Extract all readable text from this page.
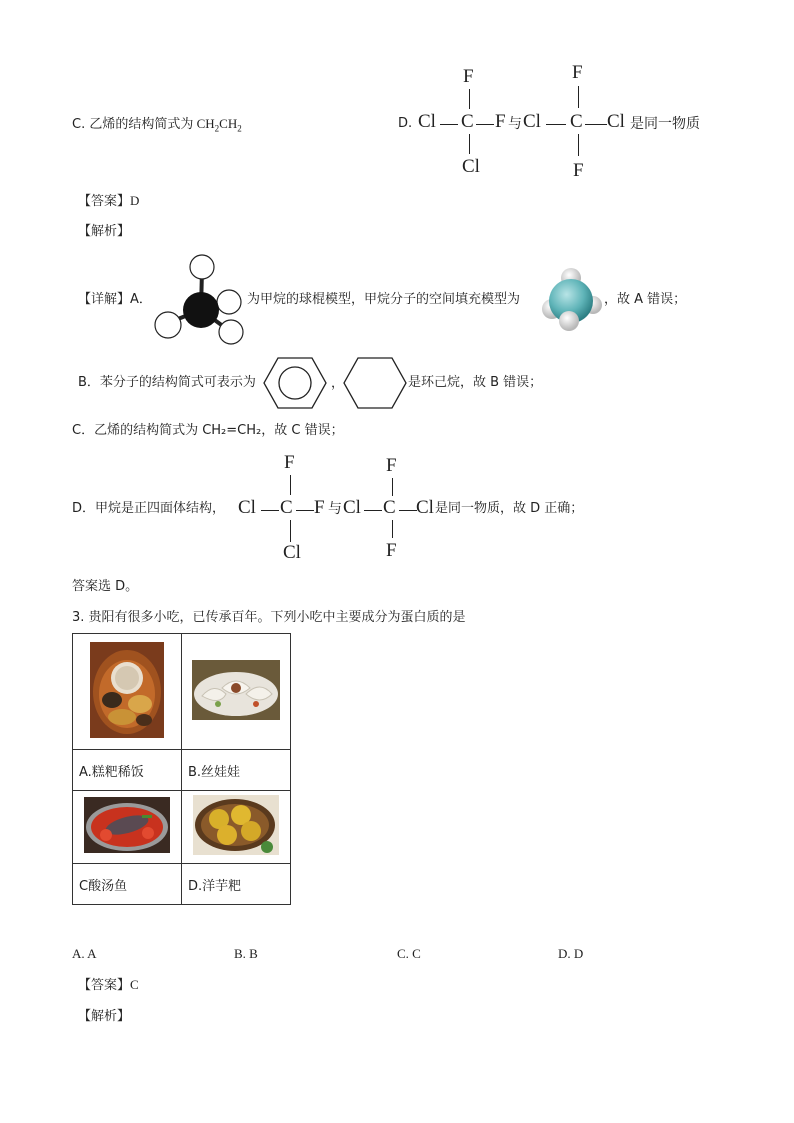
C. 乙烯的结构简式为 $CH_2CH_2$	D.
F
Cl C F
Cl
与
F
Cl C Cl
F
是同一物质
【答案】D
【解析】
【详解】A．	为甲烷的球棍模型，甲烷分子的空间填充模型为	，故 A 错误；
B．苯分子的结构简式可表示为	，	是环己烷，故 B 错误；
C．乙烯的结构简式为 CH₂=CH₂，故 C 错误；
D．甲烷是正四面体结构，
F
Cl C F
Cl
与
F
Cl C Cl
F
是同一物质，故 D 正确；
答案选 D。
3. 贵阳有很多小吃，已传承百年。下列小吃中主要成分为蛋白质的是

A.糕粑稀饭	B.丝娃娃

C酸汤鱼	D.洋芋粑
A. A	B. B	C. C	D. D
【答案】C
【解析】
